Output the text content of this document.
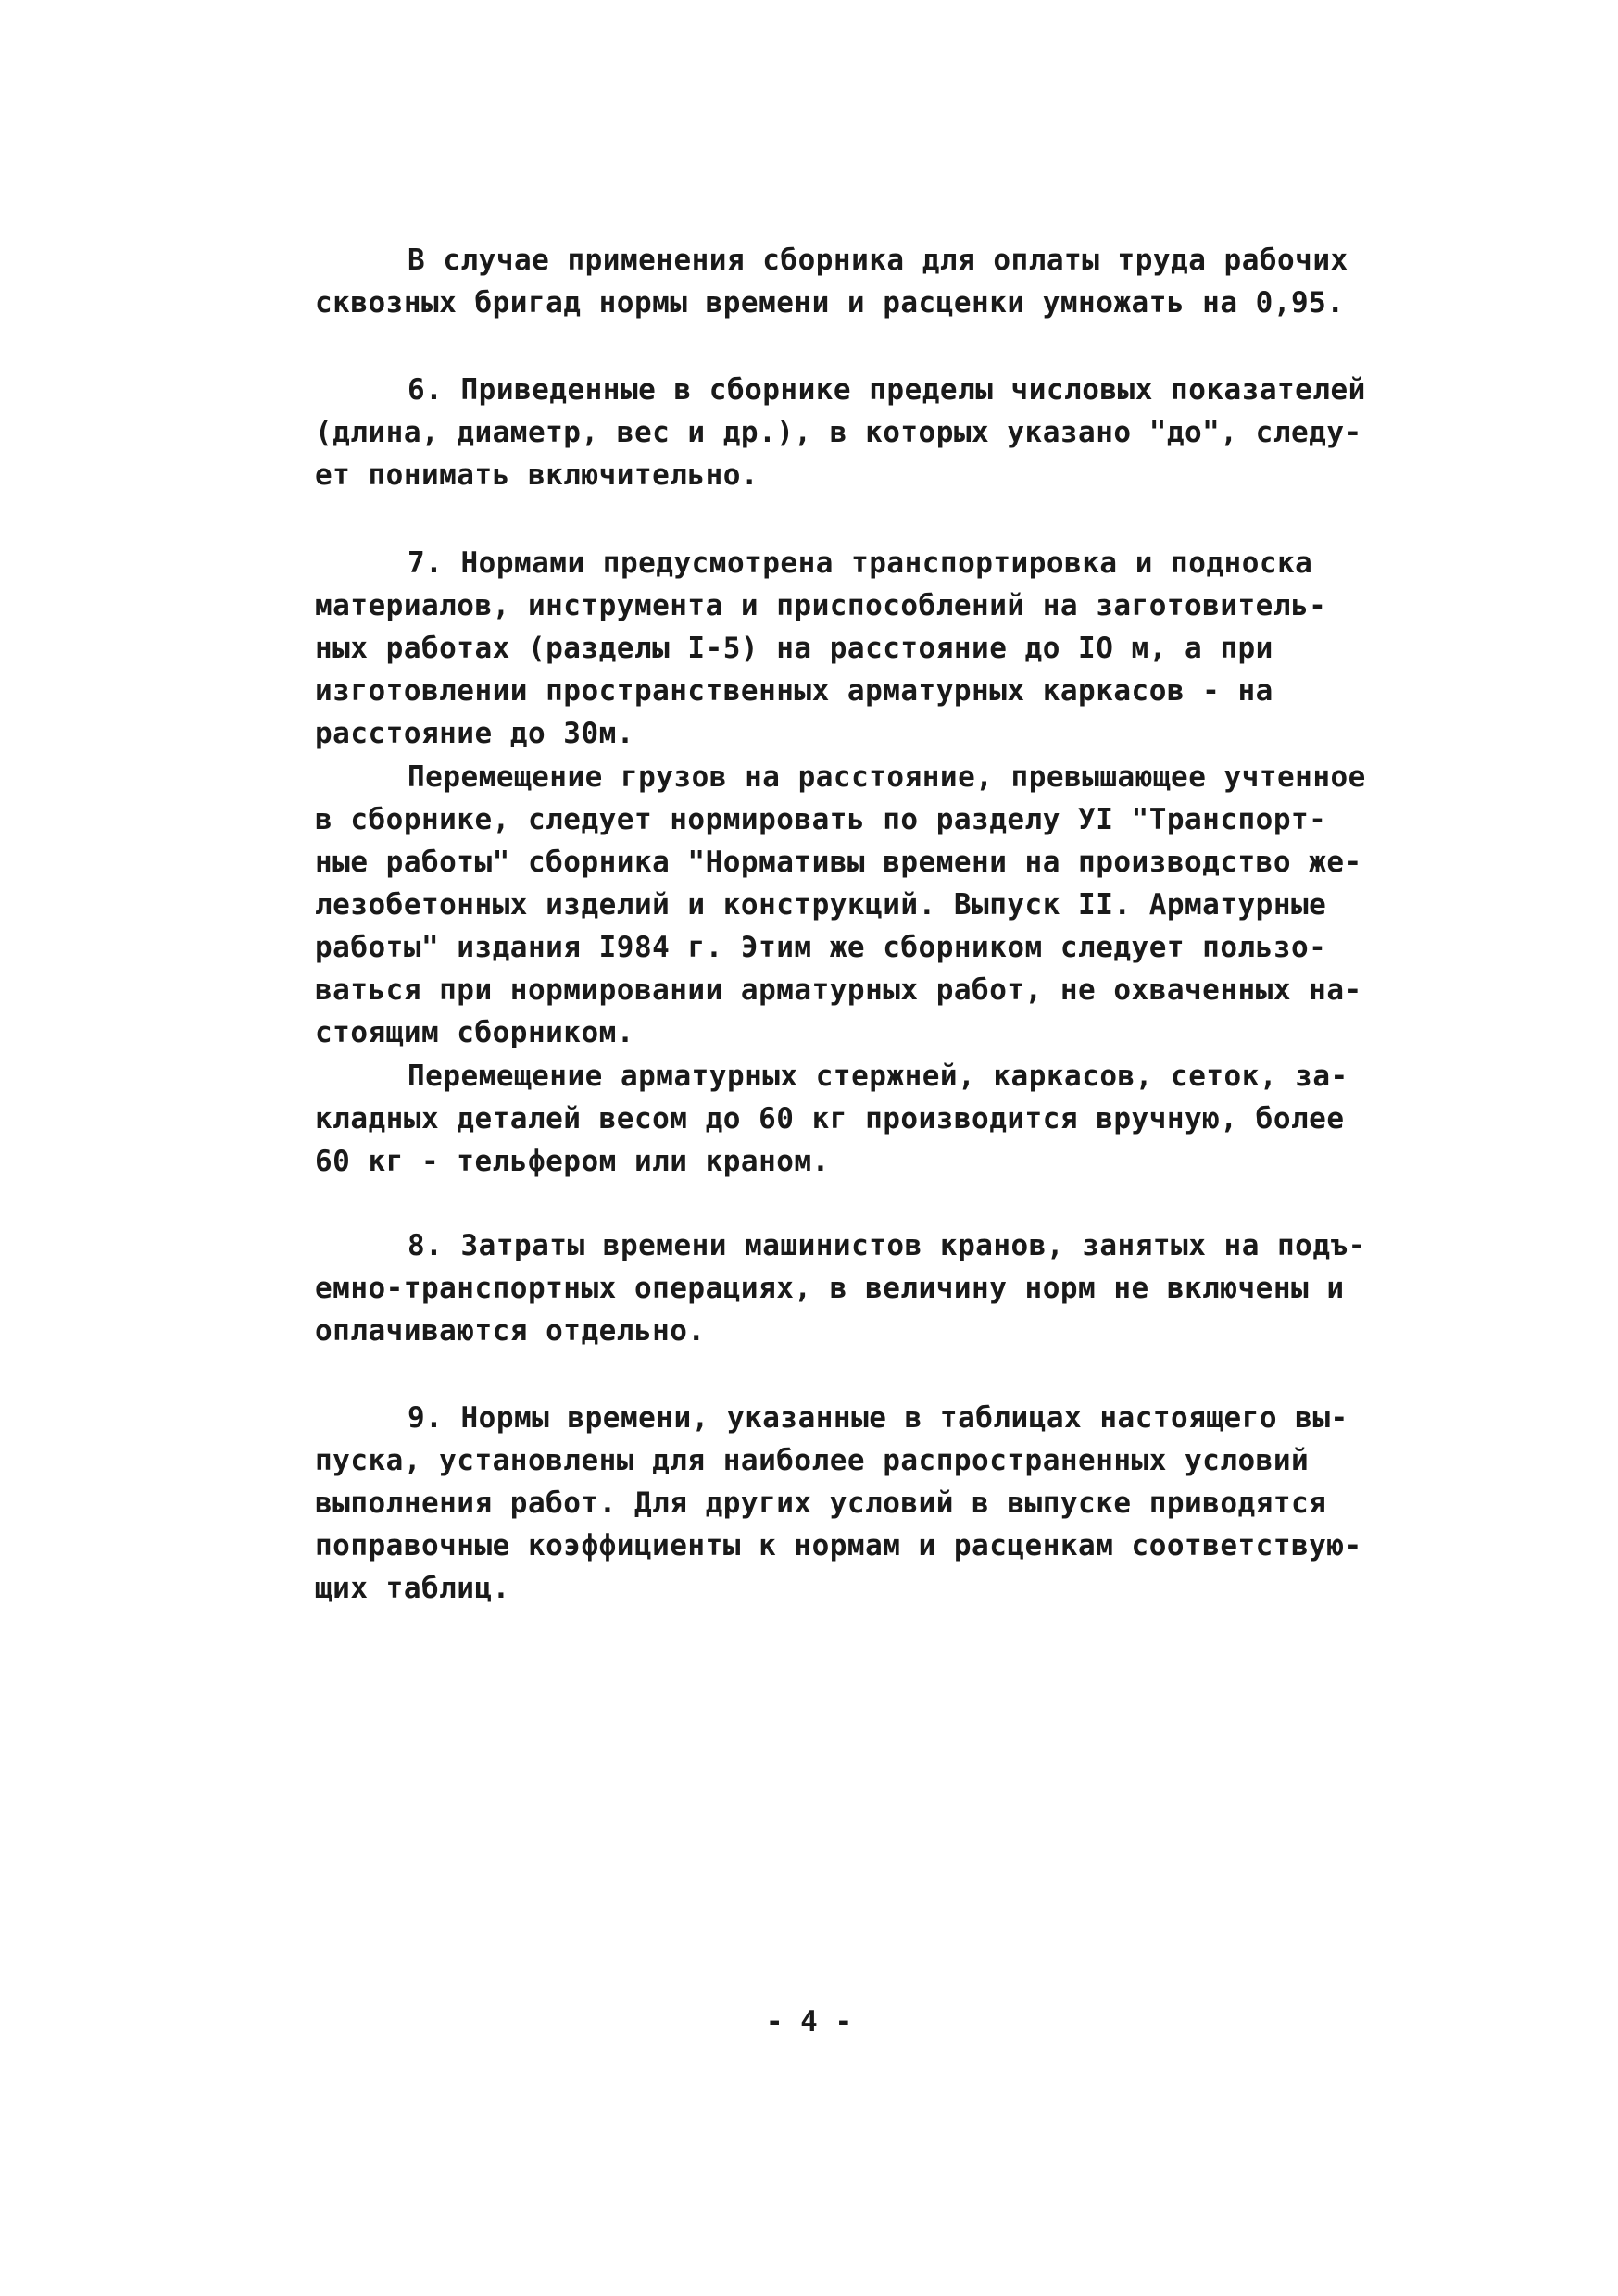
В случае применения сборника для оплаты труда рабочих
сквозных бригад нормы времени и расценки умножать на 0,95.
6. Приведенные в сборнике пределы числовых показателей
(длина, диаметр, вес и др.), в которых указано "до", следу-
ет понимать включительно.
7. Нормами предусмотрена транспортировка и подноска
материалов, инструмента и приспособлений на заготовитель-
ных работах (разделы I-5) на расстояние до IO м, а при
изготовлении пространственных арматурных каркасов - на
расстояние до 30м.
Перемещение грузов на расстояние, превышающее учтенное
в сборнике, следует нормировать по разделу УI "Транспорт-
ные работы" сборника "Нормативы времени на производство же-
лезобетонных изделий и конструкций. Выпуск II. Арматурные
работы" издания I984 г. Этим же сборником следует пользо-
ваться при нормировании арматурных работ, не охваченных на-
стоящим сборником.
Перемещение арматурных стержней, каркасов, сеток, за-
кладных деталей весом до 60 кг производится вручную, более
60 кг - тельфером или краном.
8. Затраты времени машинистов кранов, занятых на подъ-
емно-транспортных операциях, в величину норм не включены и
оплачиваются отдельно.
9. Нормы времени, указанные в таблицах настоящего вы-
пуска, установлены для наиболее распространенных условий
выполнения работ. Для других условий в выпуске приводятся
поправочные коэффициенты к нормам и расценкам соответствую-
щих таблиц.
- 4 -
